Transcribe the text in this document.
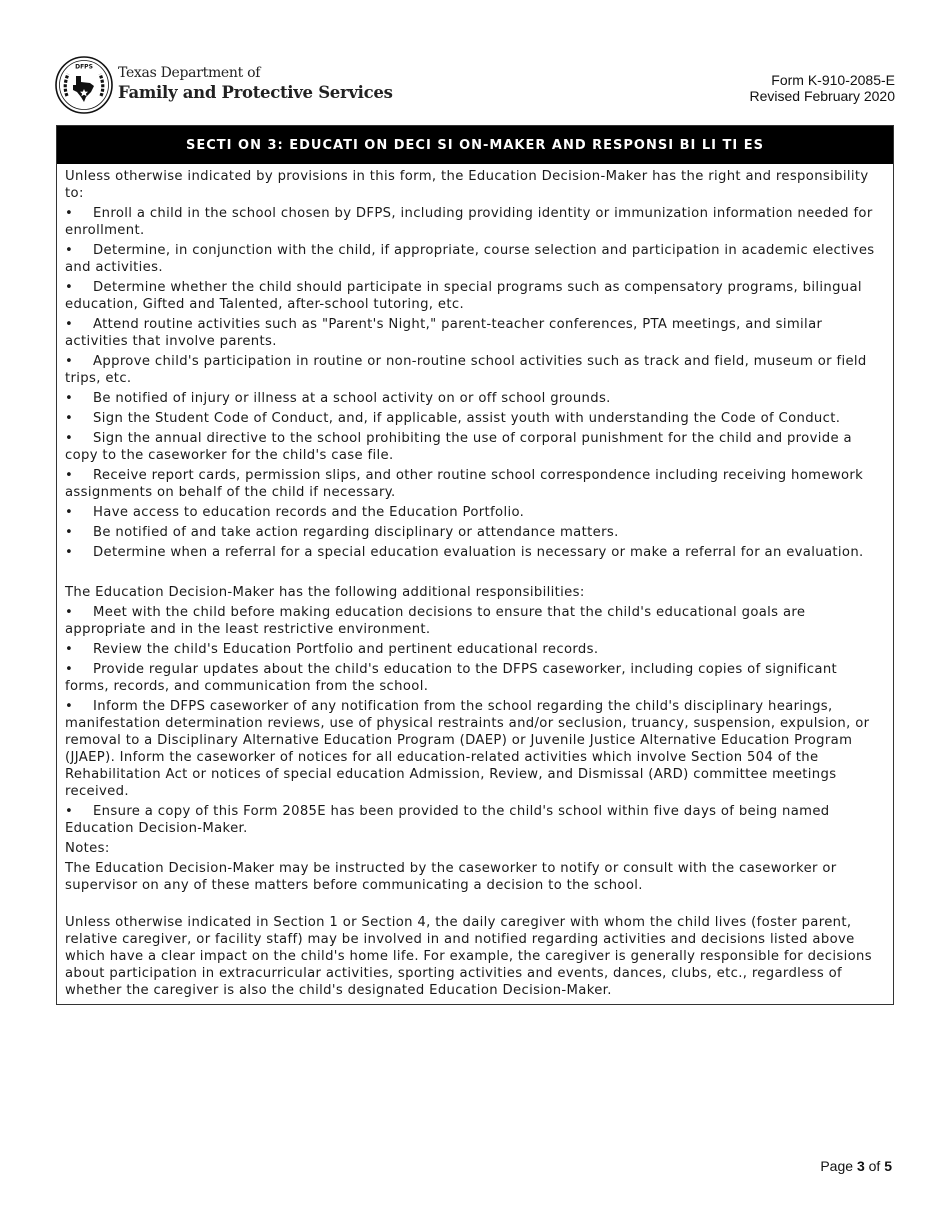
DFPS Texas Department of
Family and Protective Services
Form K-910-2085-E
Revised February 2020
SECTI ON 3: EDUCATI ON DECI SI ON-MAKER AND RESPONSI BI LI TI ES

Unless otherwise indicated by provisions in this form, the Education Decision-Maker has the right and responsibility to:

• Enroll a child in the school chosen by DFPS, including providing identity or immunization information needed for enrollment.

• Determine, in conjunction with the child, if appropriate, course selection and participation in academic electives and activities.

• Determine whether the child should participate in special programs such as compensatory programs, bilingual education, Gifted and Talented, after-school tutoring, etc.

• Attend routine activities such as "Parent's Night," parent-teacher conferences, PTA meetings, and similar activities that involve parents.

• Approve child's participation in routine or non-routine school activities such as track and field, museum or field trips, etc.

• Be notified of injury or illness at a school activity on or off school grounds.

• Sign the Student Code of Conduct, and, if applicable, assist youth with understanding the Code of Conduct.

• Sign the annual directive to the school prohibiting the use of corporal punishment for the child and provide a copy to the caseworker for the child's case file.

• Receive report cards, permission slips, and other routine school correspondence including receiving homework assignments on behalf of the child if necessary.

• Have access to education records and the Education Portfolio.

• Be notified of and take action regarding disciplinary or attendance matters.

• Determine when a referral for a special education evaluation is necessary or make a referral for an evaluation.

The Education Decision-Maker has the following additional responsibilities:

• Meet with the child before making education decisions to ensure that the child's educational goals are appropriate and in the least restrictive environment.

• Review the child's Education Portfolio and pertinent educational records.

• Provide regular updates about the child's education to the DFPS caseworker, including copies of significant forms, records, and communication from the school.

• Inform the DFPS caseworker of any notification from the school regarding the child's disciplinary hearings, manifestation determination reviews, use of physical restraints and/or seclusion, truancy, suspension, expulsion, or removal to a Disciplinary Alternative Education Program (DAEP) or Juvenile Justice Alternative Education Program (JJAEP). Inform the caseworker of notices for all education-related activities which involve Section 504 of the Rehabilitation Act or notices of special education Admission, Review, and Dismissal (ARD) committee meetings received.

• Ensure a copy of this Form 2085E has been provided to the child's school within five days of being named Education Decision-Maker.

Notes:

The Education Decision-Maker may be instructed by the caseworker to notify or consult with the caseworker or supervisor on any of these matters before communicating a decision to the school.

Unless otherwise indicated in Section 1 or Section 4, the daily caregiver with whom the child lives (foster parent, relative caregiver, or facility staff) may be involved in and notified regarding activities and decisions listed above which have a clear impact on the child's home life. For example, the caregiver is generally responsible for decisions about participation in extracurricular activities, sporting activities and events, dances, clubs, etc., regardless of whether the caregiver is also the child's designated Education Decision-Maker.

Page 3 of 5
